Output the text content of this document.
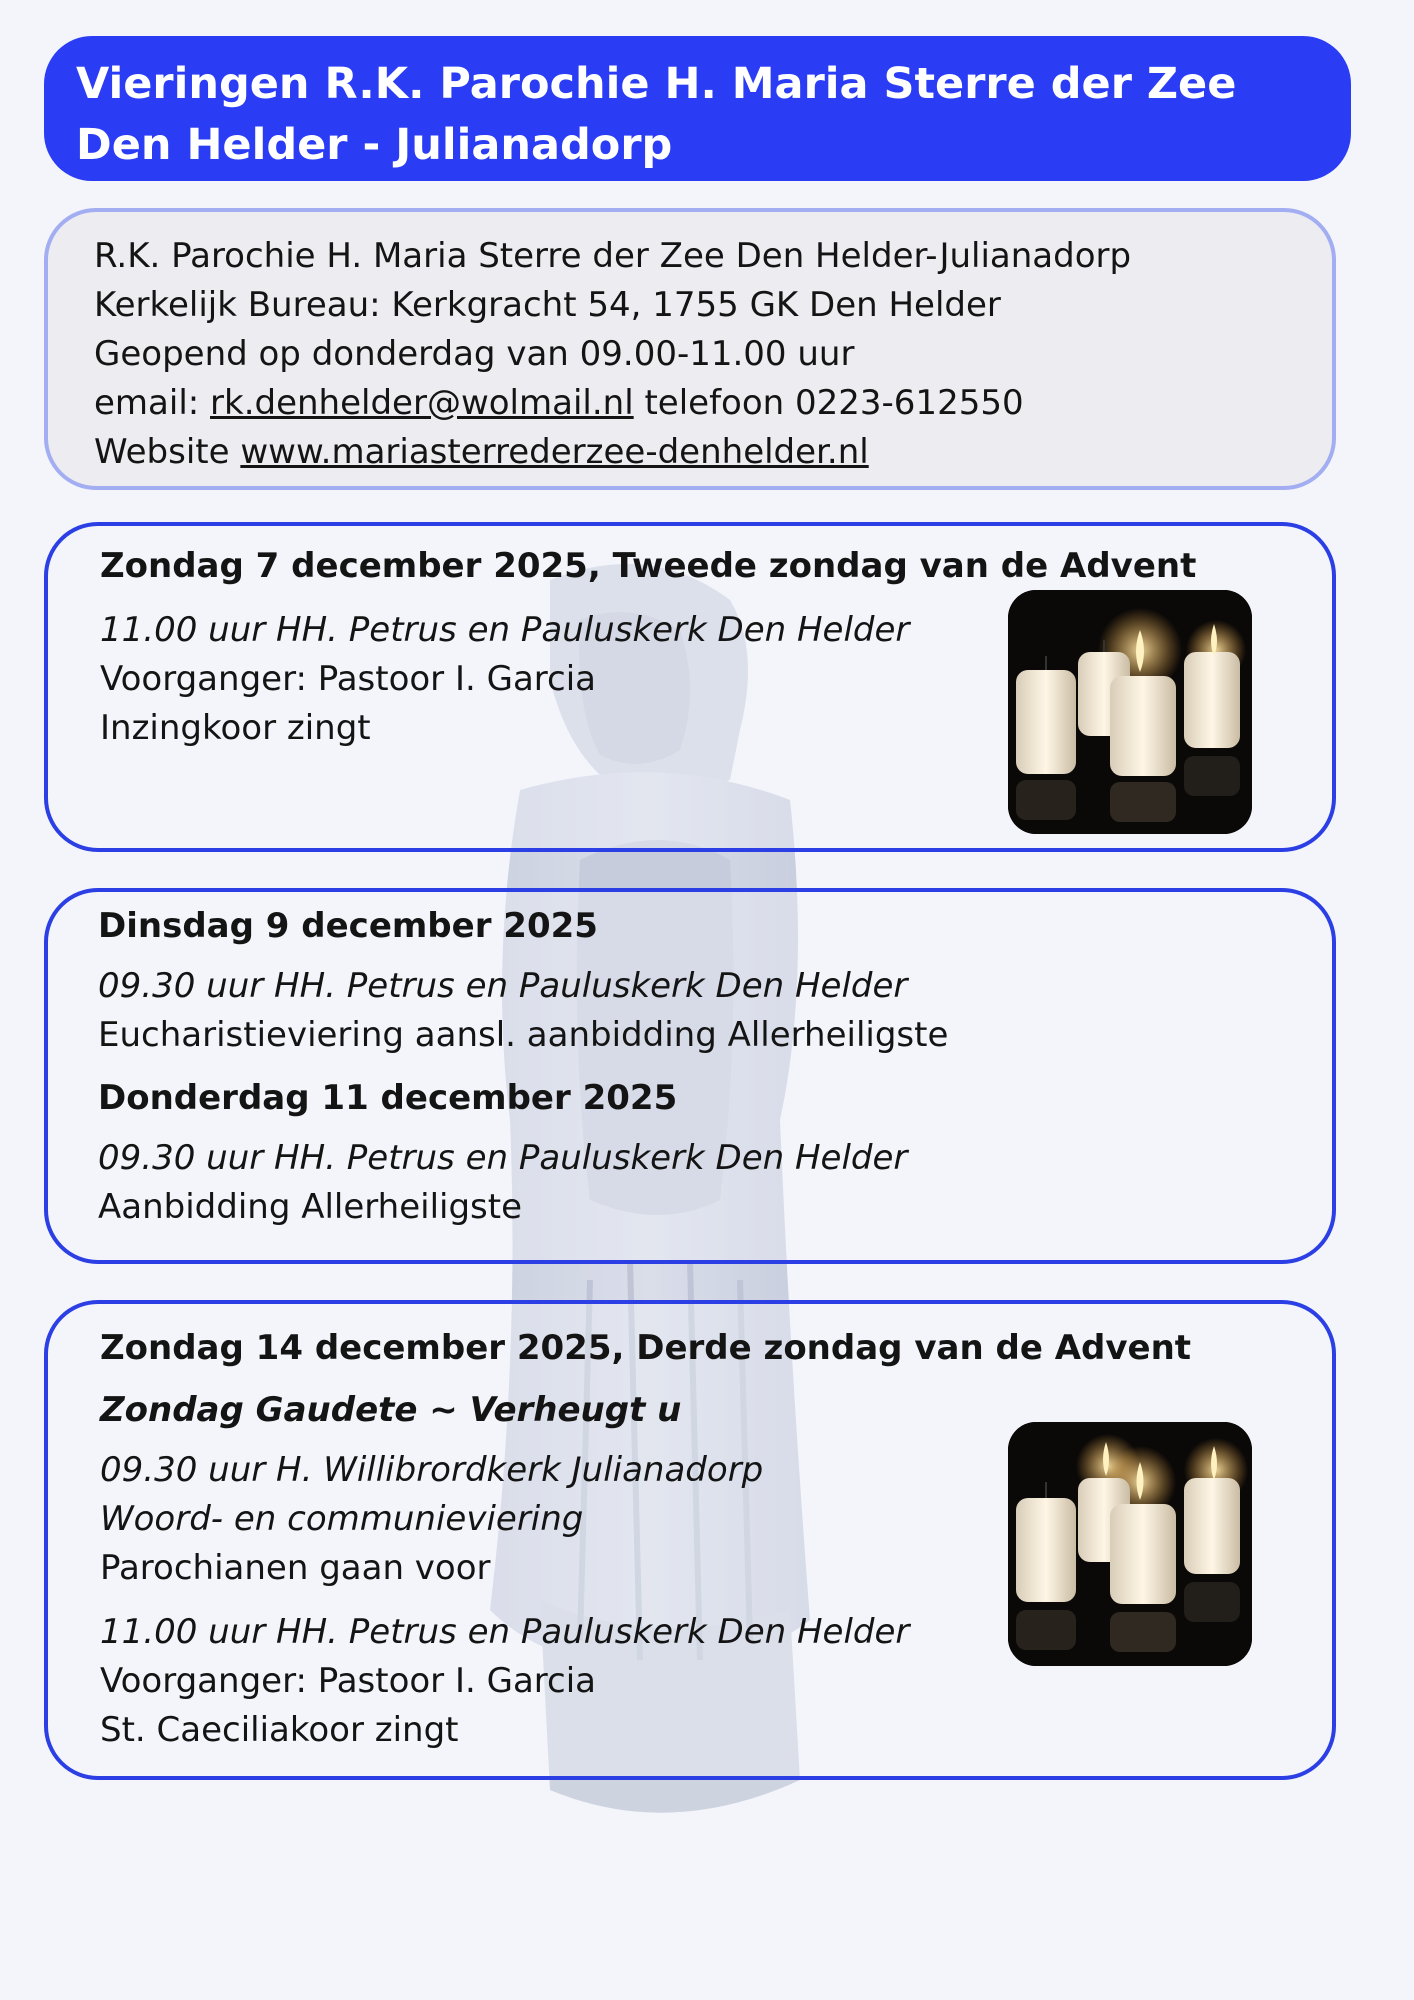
Vieringen R.K. Parochie H. Maria Sterre der Zee
Den Helder - Julianadorp
R.K. Parochie H. Maria Sterre der Zee Den Helder-Julianadorp
Kerkelijk Bureau: Kerkgracht 54, 1755 GK Den Helder
Geopend op donderdag van 09.00-11.00 uur
email: rk.denhelder@wolmail.nl telefoon 0223-612550
Website www.mariasterrederzee-denhelder.nl
Zondag 7 december 2025, Tweede zondag van de Advent
11.00 uur HH. Petrus en Pauluskerk Den Helder
Voorganger: Pastoor I. Garcia
Inzingkoor zingt
Dinsdag 9 december 2025
09.30 uur HH. Petrus en Pauluskerk Den Helder
Eucharistieviering aansl. aanbidding Allerheiligste
Donderdag 11 december 2025
09.30 uur HH. Petrus en Pauluskerk Den Helder
Aanbidding Allerheiligste
Zondag 14 december 2025, Derde zondag van de Advent
Zondag Gaudete ~ Verheugt u
09.30 uur H. Willibrordkerk Julianadorp
Woord- en communieviering
Parochianen gaan voor
11.00 uur HH. Petrus en Pauluskerk Den Helder
Voorganger: Pastoor I. Garcia
St. Caeciliakoor zingt
